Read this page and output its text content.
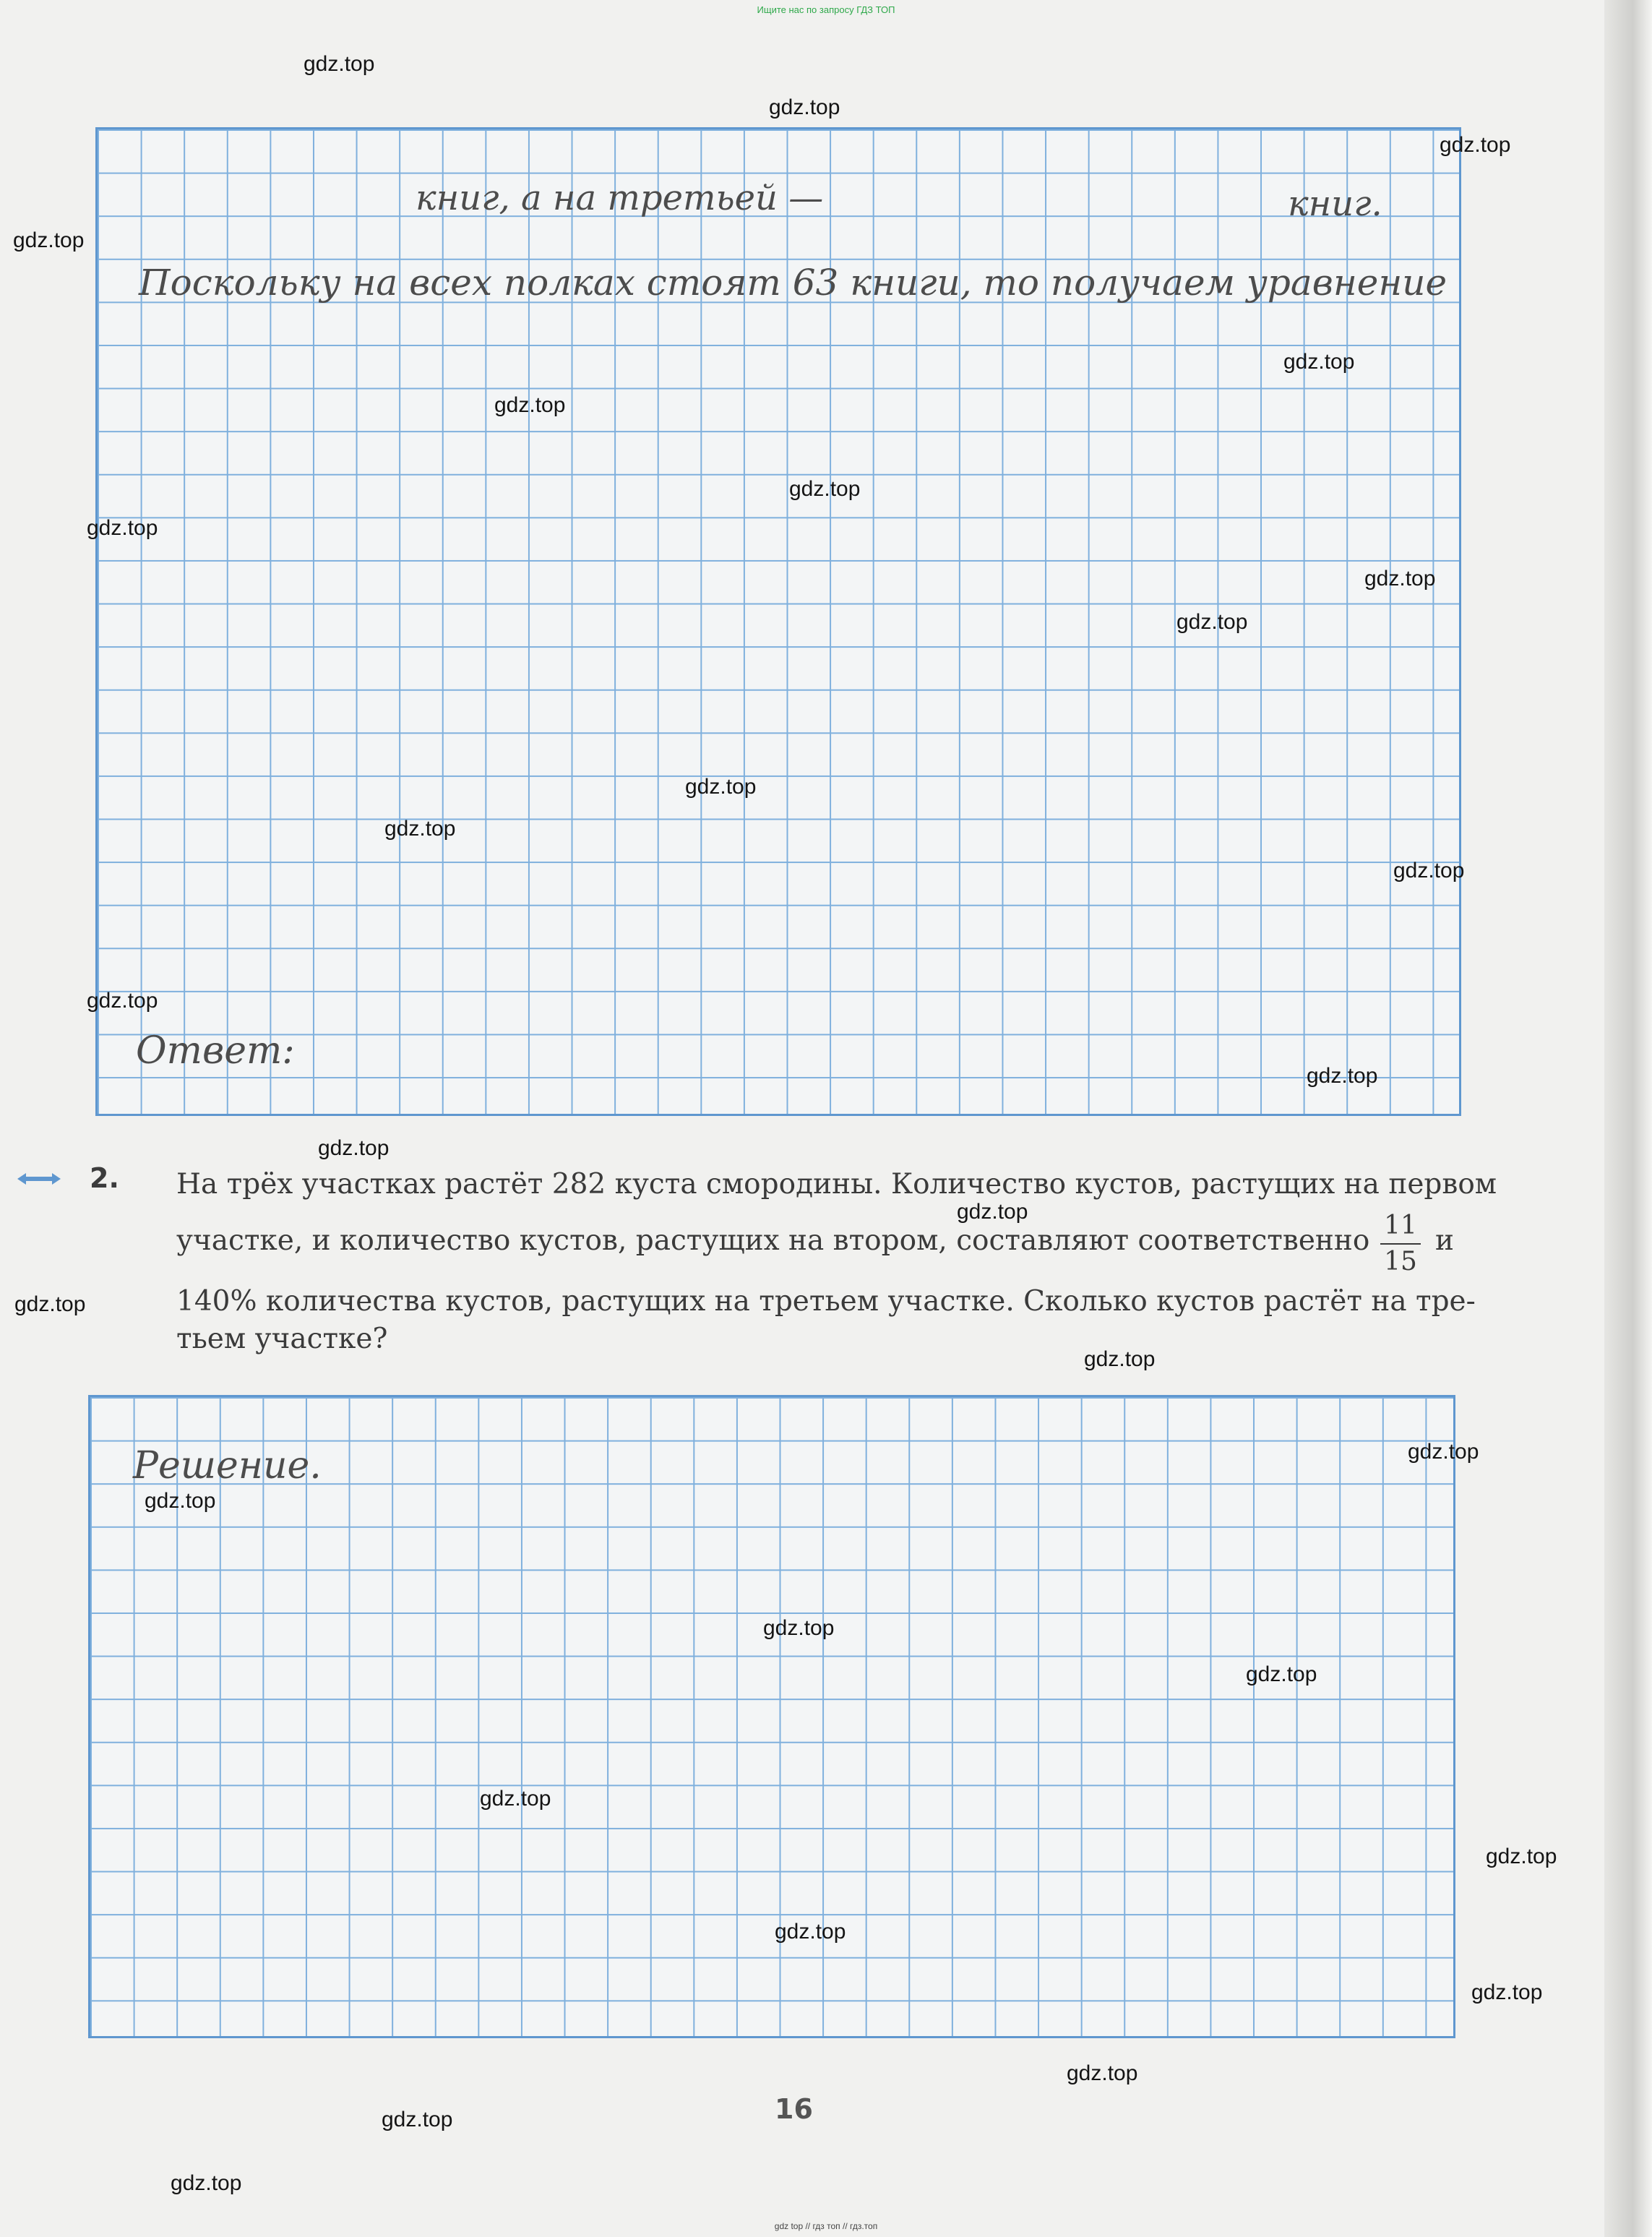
Ищите нас по запросу ГДЗ ТОП
книг, а на третьей —	книг.
Поскольку на всех полках стоят 63 книги, то получаем уравнение
Ответ:
2. На трёх участках растёт 282 куста смородины. Количество кустов, растущих на первом
участке, и количество кустов, растущих на втором, составляют соответственно 11
15
и
140% количества кустов, растущих на третьем участке. Сколько кустов растёт на тре-
тьем участке?
Решение.
16
gdz top // гдз топ // гдз.топ
gdz.top
gdz.top
gdz.top
gdz.top
gdz.top
gdz.top
gdz.top
gdz.top
gdz.top
gdz.top
gdz.top
gdz.top
gdz.top
gdz.top
gdz.top
gdz.top
gdz.top
gdz.top
gdz.top
gdz.top
gdz.top
gdz.top
gdz.top
gdz.top
gdz.top
gdz.top
gdz.top
gdz.top
gdz.top
gdz.top
